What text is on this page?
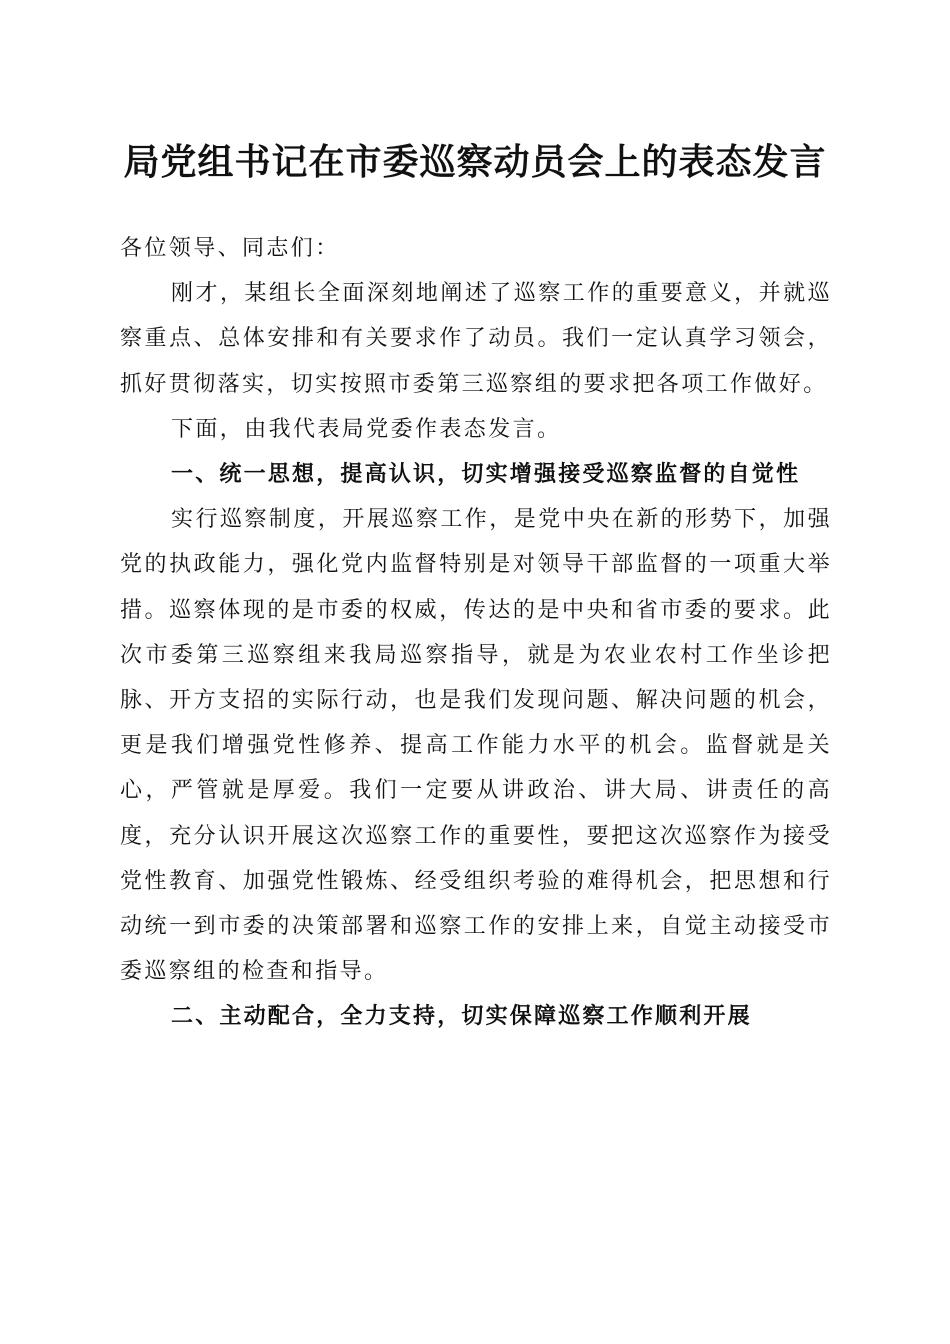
局党组书记在市委巡察动员会上的表态发言

各位领导、同志们：

刚才，某组长全面深刻地阐述了巡察工作的重要意义，并就巡察重点、总体安排和有关要求作了动员。我们一定认真学习领会，抓好贯彻落实，切实按照市委第三巡察组的要求把各项工作做好。

下面，由我代表局党委作表态发言。

一、统一思想，提高认识，切实增强接受巡察监督的自觉性

实行巡察制度，开展巡察工作，是党中央在新的形势下，加强党的执政能力，强化党内监督特别是对领导干部监督的一项重大举措。巡察体现的是市委的权威，传达的是中央和省市委的要求。此次市委第三巡察组来我局巡察指导，就是为农业农村工作坐诊把脉、开方支招的实际行动，也是我们发现问题、解决问题的机会，更是我们增强党性修养、提高工作能力水平的机会。监督就是关心，严管就是厚爱。我们一定要从讲政治、讲大局、讲责任的高度，充分认识开展这次巡察工作的重要性，要把这次巡察作为接受党性教育、加强党性锻炼、经受组织考验的难得机会，把思想和行动统一到市委的决策部署和巡察工作的安排上来，自觉主动接受市委巡察组的检查和指导。

二、主动配合，全力支持，切实保障巡察工作顺利开展
